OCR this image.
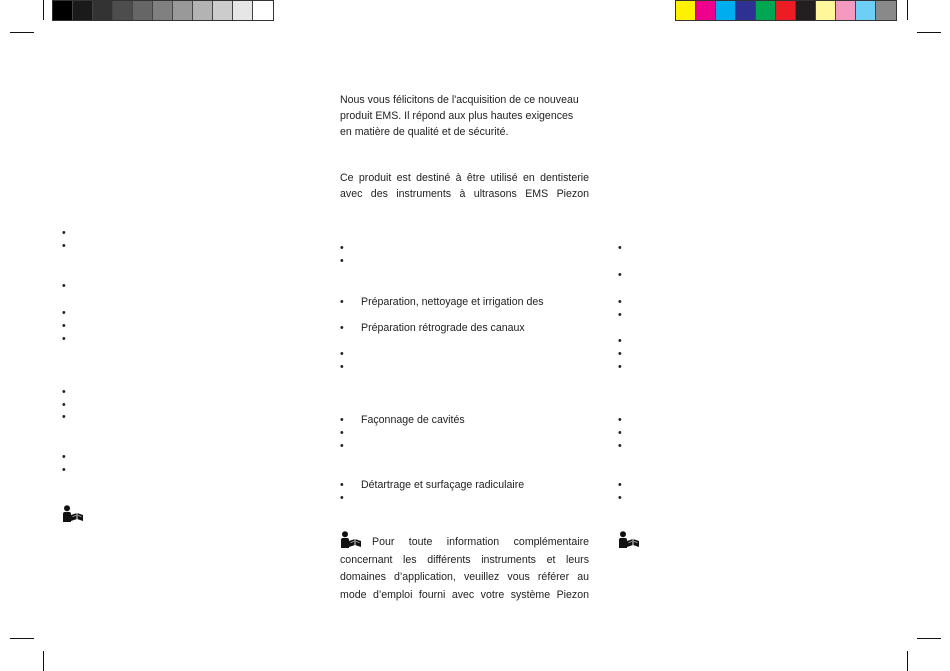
Nous vous félicitons de l'acquisition de ce nouveau

produit EMS. Il répond aux plus hautes exigences

en matière de qualité et de sécurité.

Ce produit est destiné à être utilisé en dentisterie

avec des instruments à ultrasons EMS Piezon

•
•
•
•
•
•
•
•
•
•
•
•
•
• Préparation, nettoyage et irrigation des
• Préparation rétrograde des canaux
•
•
• Façonnage de cavités
•
•
• Détartrage et surfaçage radiculaire
•
•
•
•
•
•
•
•
•
•
•
•
•

Pour toute information complémentaire

concernant les différents instruments et leurs

domaines d’application, veuillez vous référer au

mode d’emploi fourni avec votre système Piezon
